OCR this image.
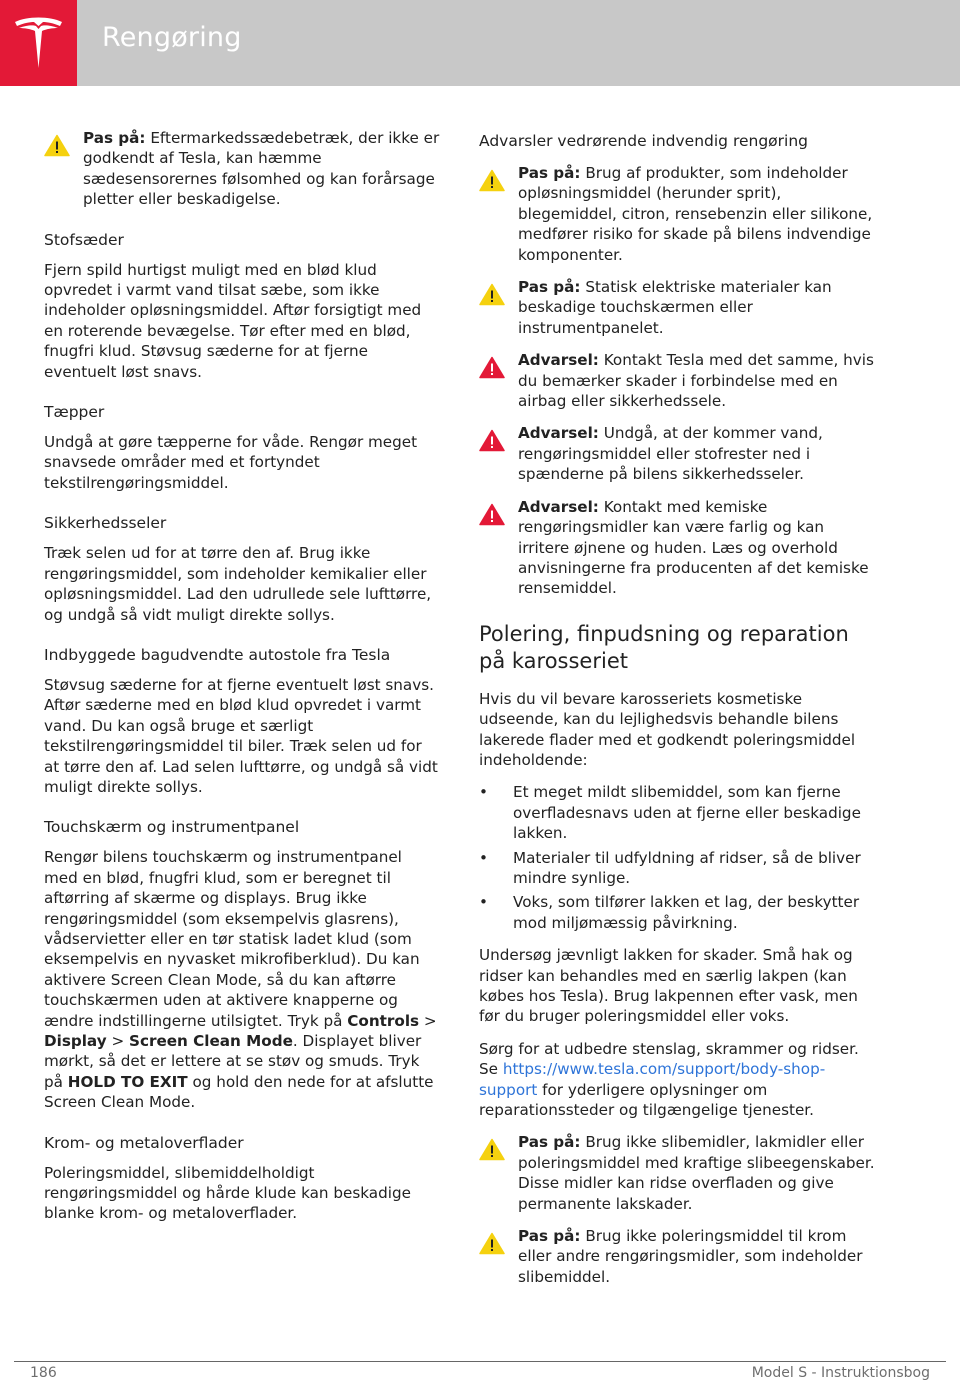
Rengøring
Pas på: Eftermarkedssædebetræk, der ikke er godkendt af Tesla, kan hæmme sædesensorernes følsomhed og kan forårsage pletter eller beskadigelse.
Stofsæder

Fjern spild hurtigst muligt med en blød klud opvredet i varmt vand tilsat sæbe, som ikke indeholder opløsningsmiddel. Aftør forsigtigt med en roterende bevægelse. Tør efter med en blød, fnugfri klud. Støvsug sæderne for at fjerne eventuelt løst snavs.

Tæpper

Undgå at gøre tæpperne for våde. Rengør meget snavsede områder med et fortyndet tekstilrengøringsmiddel.

Sikkerhedsseler

Træk selen ud for at tørre den af. Brug ikke rengøringsmiddel, som indeholder kemikalier eller opløsningsmiddel. Lad den udrullede sele lufttørre, og undgå så vidt muligt direkte sollys.

Indbyggede bagudvendte autostole fra Tesla

Støvsug sæderne for at fjerne eventuelt løst snavs. Aftør sæderne med en blød klud opvredet i varmt vand. Du kan også bruge et særligt tekstilrengøringsmiddel til biler. Træk selen ud for at tørre den af. Lad selen lufttørre, og undgå så vidt muligt direkte sollys.

Touchskærm og instrumentpanel

Rengør bilens touchskærm og instrumentpanel med en blød, fnugfri klud, som er beregnet til aftørring af skærme og displays. Brug ikke rengøringsmiddel (som eksempelvis glasrens), vådservietter eller en tør statisk ladet klud (som eksempelvis en nyvasket mikrofiberklud). Du kan aktivere Screen Clean Mode, så du kan aftørre touchskærmen uden at aktivere knapperne og ændre indstillingerne utilsigtet. Tryk på Controls > Display > Screen Clean Mode. Displayet bliver mørkt, så det er lettere at se støv og smuds. Tryk på HOLD TO EXIT og hold den nede for at afslutte Screen Clean Mode.

Krom- og metaloverflader

Poleringsmiddel, slibemiddelholdigt rengøringsmiddel og hårde klude kan beskadige blanke krom- og metaloverflader.

Advarsler vedrørende indvendig rengøring
Pas på: Brug af produkter, som indeholder opløsningsmiddel (herunder sprit), blegemiddel, citron, rensebenzin eller silikone, medfører risiko for skade på bilens indvendige komponenter.
Pas på: Statisk elektriske materialer kan beskadige touchskærmen eller instrumentpanelet.
Advarsel: Kontakt Tesla med det samme, hvis du bemærker skader i forbindelse med en airbag eller sikkerhedssele.
Advarsel: Undgå, at der kommer vand, rengøringsmiddel eller stofrester ned i spænderne på bilens sikkerhedsseler.
Advarsel: Kontakt med kemiske rengøringsmidler kan være farlig og kan irritere øjnene og huden. Læs og overhold anvisningerne fra producenten af det kemiske rensemiddel.
Polering, finpudsning og reparation på karosseriet

Hvis du vil bevare karosseriets kosmetiske udseende, kan du lejlighedsvis behandle bilens lakerede flader med et godkendt poleringsmiddel indeholdende:

• Et meget mildt slibemiddel, som kan fjerne overfladesnavs uden at fjerne eller beskadige lakken.
• Materialer til udfyldning af ridser, så de bliver mindre synlige.
• Voks, som tilfører lakken et lag, der beskytter mod miljømæssig påvirkning.

Undersøg jævnligt lakken for skader. Små hak og ridser kan behandles med en særlig lakpen (kan købes hos Tesla). Brug lakpennen efter vask, men før du bruger poleringsmiddel eller voks.

Sørg for at udbedre stenslag, skrammer og ridser. Se https://www.tesla.com/support/body-shop-support for yderligere oplysninger om reparationssteder og tilgængelige tjenester.

Pas på: Brug ikke slibemidler, lakmidler eller poleringsmiddel med kraftige slibeegenskaber. Disse midler kan ridse overfladen og give permanente lakskader.
Pas på: Brug ikke poleringsmiddel til krom eller andre rengøringsmidler, som indeholder slibemiddel.
186	Model S - Instruktionsbog
